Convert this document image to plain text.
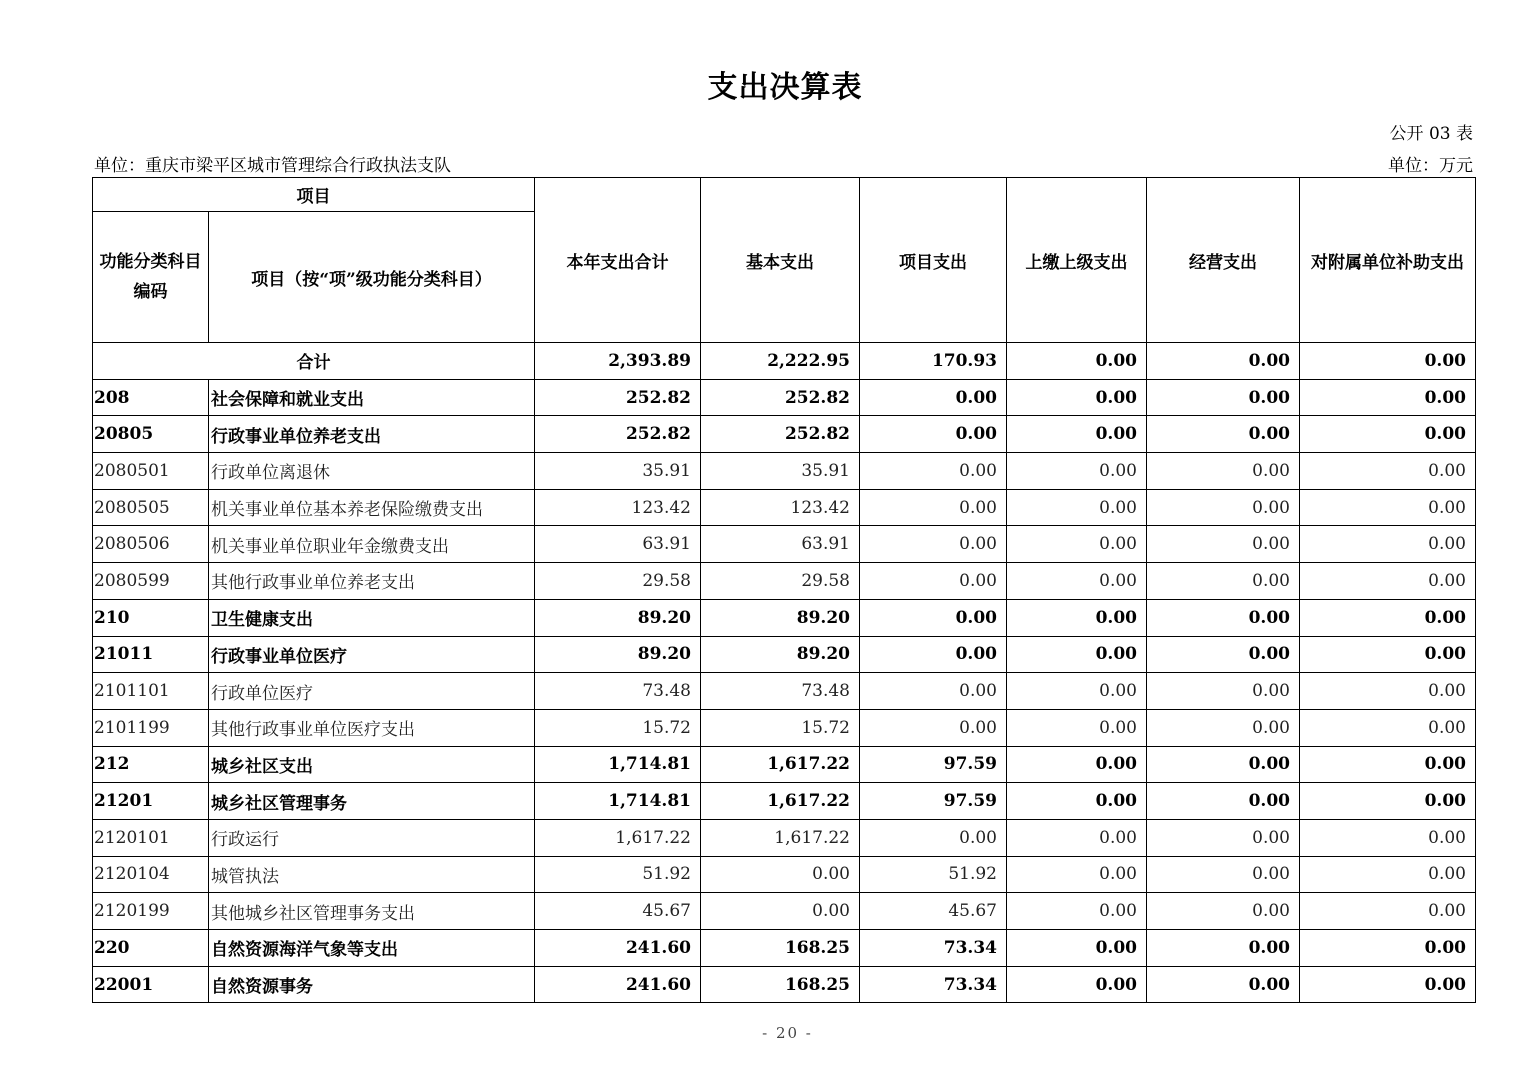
支出决算表
公开 03 表
单位：重庆市梁平区城市管理综合行政执法支队	单位：万元
项目		本年支出合计	基本支出	项目支出	上缴上级支出	经营支出	对附属单位补助支出
功能分类科目编码	项目（按“项”级功能分类科目）						
合计		2,393.89	2,222.95	170.93	0.00	0.00	0.00
208	社会保障和就业支出	252.82	252.82	0.00	0.00	0.00	0.00
20805	行政事业单位养老支出	252.82	252.82	0.00	0.00	0.00	0.00
2080501	行政单位离退休	35.91	35.91	0.00	0.00	0.00	0.00
2080505	机关事业单位基本养老保险缴费支出	123.42	123.42	0.00	0.00	0.00	0.00
2080506	机关事业单位职业年金缴费支出	63.91	63.91	0.00	0.00	0.00	0.00
2080599	其他行政事业单位养老支出	29.58	29.58	0.00	0.00	0.00	0.00
210	卫生健康支出	89.20	89.20	0.00	0.00	0.00	0.00
21011	行政事业单位医疗	89.20	89.20	0.00	0.00	0.00	0.00
2101101	行政单位医疗	73.48	73.48	0.00	0.00	0.00	0.00
2101199	其他行政事业单位医疗支出	15.72	15.72	0.00	0.00	0.00	0.00
212	城乡社区支出	1,714.81	1,617.22	97.59	0.00	0.00	0.00
21201	城乡社区管理事务	1,714.81	1,617.22	97.59	0.00	0.00	0.00
2120101	行政运行	1,617.22	1,617.22	0.00	0.00	0.00	0.00
2120104	城管执法	51.92	0.00	51.92	0.00	0.00	0.00
2120199	其他城乡社区管理事务支出	45.67	0.00	45.67	0.00	0.00	0.00
220	自然资源海洋气象等支出	241.60	168.25	73.34	0.00	0.00	0.00
22001	自然资源事务	241.60	168.25	73.34	0.00	0.00	0.00
- 20 -
